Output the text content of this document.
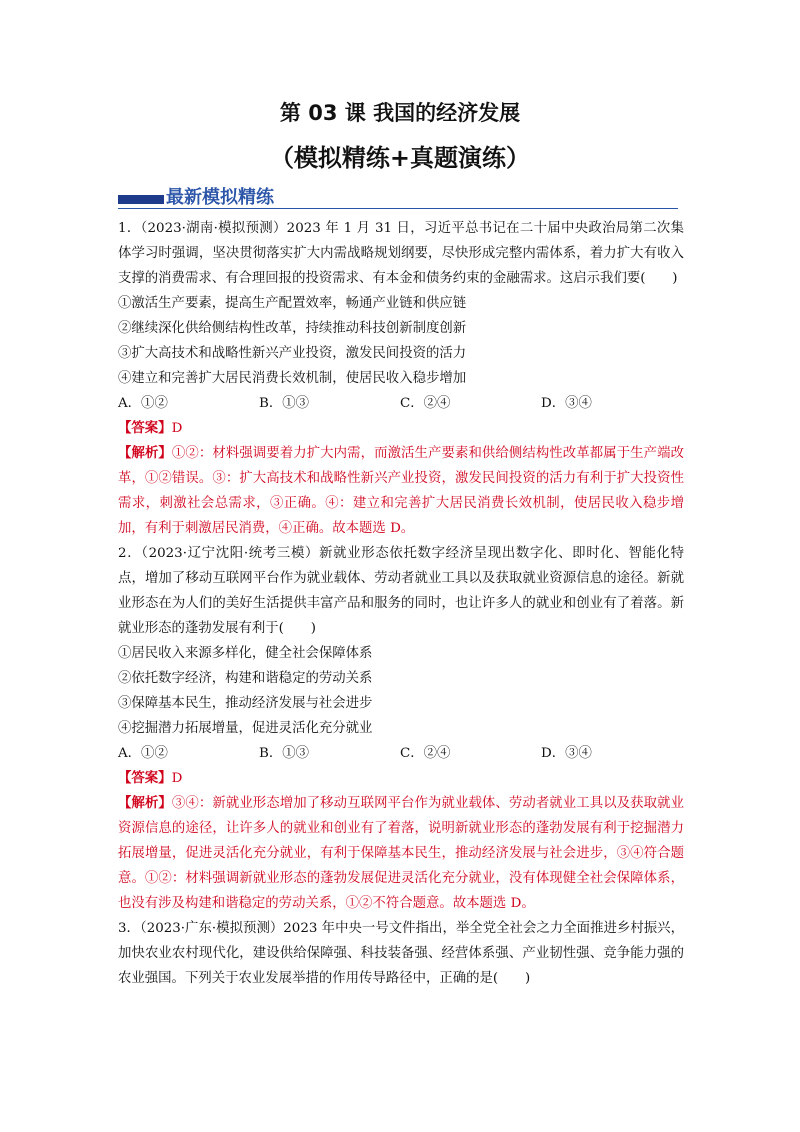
第 03 课 我国的经济发展
（模拟精练+真题演练）
最新模拟精练

1．（2023·湖南·模拟预测）2023 年 1 月 31 日，习近平总书记在二十届中央政治局第二次集体学习时强调，坚决贯彻落实扩大内需战略规划纲要，尽快形成完整内需体系，着力扩大有收入支撑的消费需求、有合理回报的投资需求、有本金和债务约束的金融需求。这启示我们要(　　)

①激活生产要素，提高生产配置效率，畅通产业链和供应链

②继续深化供给侧结构性改革，持续推动科技创新制度创新

③扩大高技术和战略性新兴产业投资，激发民间投资的活力

④建立和完善扩大居民消费长效机制，使居民收入稳步增加

A．①②	B．①③	C．②④	D．③④

【答案】D

【解析】①②：材料强调要着力扩大内需，而激活生产要素和供给侧结构性改革都属于生产端改革，①②错误。③：扩大高技术和战略性新兴产业投资，激发民间投资的活力有利于扩大投资性需求，刺激社会总需求，③正确。④：建立和完善扩大居民消费长效机制，使居民收入稳步增加，有利于刺激居民消费，④正确。故本题选 D。

2．（2023·辽宁沈阳·统考三模）新就业形态依托数字经济呈现出数字化、即时化、智能化特点，增加了移动互联网平台作为就业载体、劳动者就业工具以及获取就业资源信息的途径。新就业形态在为人们的美好生活提供丰富产品和服务的同时，也让许多人的就业和创业有了着落。新就业形态的蓬勃发展有利于(　　)

①居民收入来源多样化，健全社会保障体系

②依托数字经济，构建和谐稳定的劳动关系

③保障基本民生，推动经济发展与社会进步

④挖掘潜力拓展增量，促进灵活化充分就业

A．①②	B．①③	C．②④	D．③④

【答案】D

【解析】③④：新就业形态增加了移动互联网平台作为就业载体、劳动者就业工具以及获取就业资源信息的途径，让许多人的就业和创业有了着落，说明新就业形态的蓬勃发展有利于挖掘潜力拓展增量，促进灵活化充分就业，有利于保障基本民生，推动经济发展与社会进步，③④符合题意。①②：材料强调新就业形态的蓬勃发展促进灵活化充分就业，没有体现健全社会保障体系，也没有涉及构建和谐稳定的劳动关系，①②不符合题意。故本题选 D。

3．（2023·广东·模拟预测）2023 年中央一号文件指出，举全党全社会之力全面推进乡村振兴，加快农业农村现代化，建设供给保障强、科技装备强、经营体系强、产业韧性强、竞争能力强的农业强国。下列关于农业发展举措的作用传导路径中，正确的是(　　)
